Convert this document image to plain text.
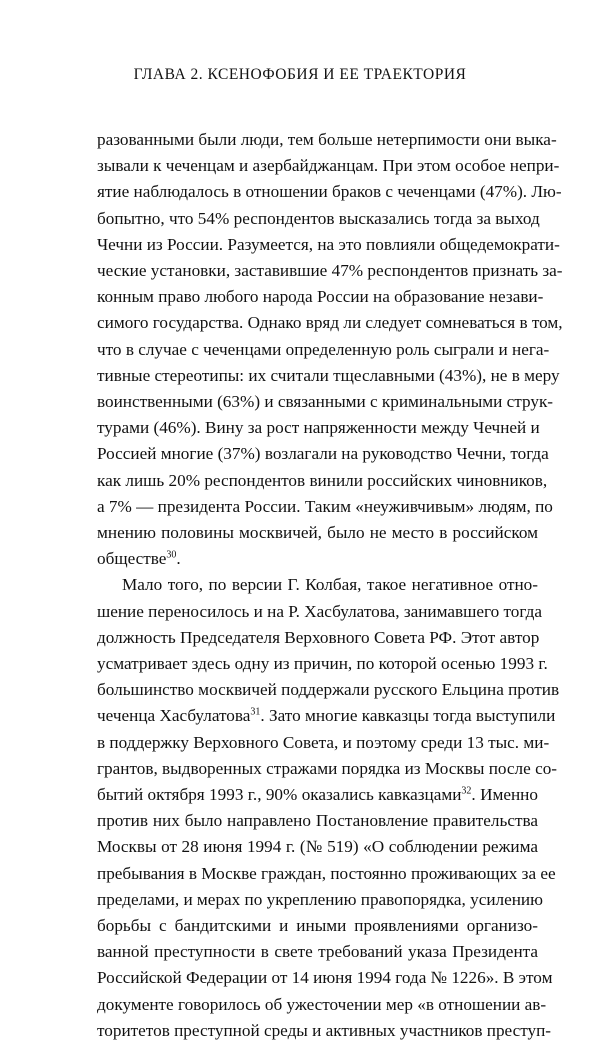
ГЛАВА 2. КСЕНОФОБИЯ И ЕЕ ТРАЕКТОРИЯ
разованными были люди, тем больше нетерпимости они выка-
зывали к чеченцам и азербайджанцам. При этом особое непри-
ятие наблюдалось в отношении браков с чеченцами (47%). Лю-
бопытно, что 54% респондентов высказались тогда за выход
Чечни из России. Разумеется, на это повлияли общедемократи-
ческие установки, заставившие 47% респондентов признать за-
конным право любого народа России на образование незави-
симого государства. Однако вряд ли следует сомневаться в том,
что в случае с чеченцами определенную роль сыграли и нега-
тивные стереотипы: их считали тщеславными (43%), не в меру
воинственными (63%) и связанными с криминальными струк-
турами (46%). Вину за рост напряженности между Чечней и
Россией многие (37%) возлагали на руководство Чечни, тогда
как лишь 20% респондентов винили российских чиновников,
а 7% — президента России. Таким «неуживчивым» людям, по
мнению половины москвичей, было не место в российском
обществе$^{30}$.
Мало того, по версии Г. Колбая, такое негативное отно-
шение переносилось и на Р. Хасбулатова, занимавшего тогда
должность Председателя Верховного Совета РФ. Этот автор
усматривает здесь одну из причин, по которой осенью 1993 г.
большинство москвичей поддержали русского Ельцина против
чеченца Хасбулатова$^{31}$. Зато многие кавказцы тогда выступили
в поддержку Верховного Совета, и поэтому среди 13 тыс. ми-
грантов, выдворенных стражами порядка из Москвы после со-
бытий октября 1993 г., 90% оказались кавказцами$^{32}$. Именно
против них было направлено Постановление правительства
Москвы от 28 июня 1994 г. (№ 519) «О соблюдении режима
пребывания в Москве граждан, постоянно проживающих за ее
пределами, и мерах по укреплению правопорядка, усилению
борьбы с бандитскими и иными проявлениями организо-
ванной преступности в свете требований указа Президента
Российской Федерации от 14 июня 1994 года № 1226». В этом
документе говорилось об ужесточении мер «в отношении ав-
торитетов преступной среды и активных участников преступ-
